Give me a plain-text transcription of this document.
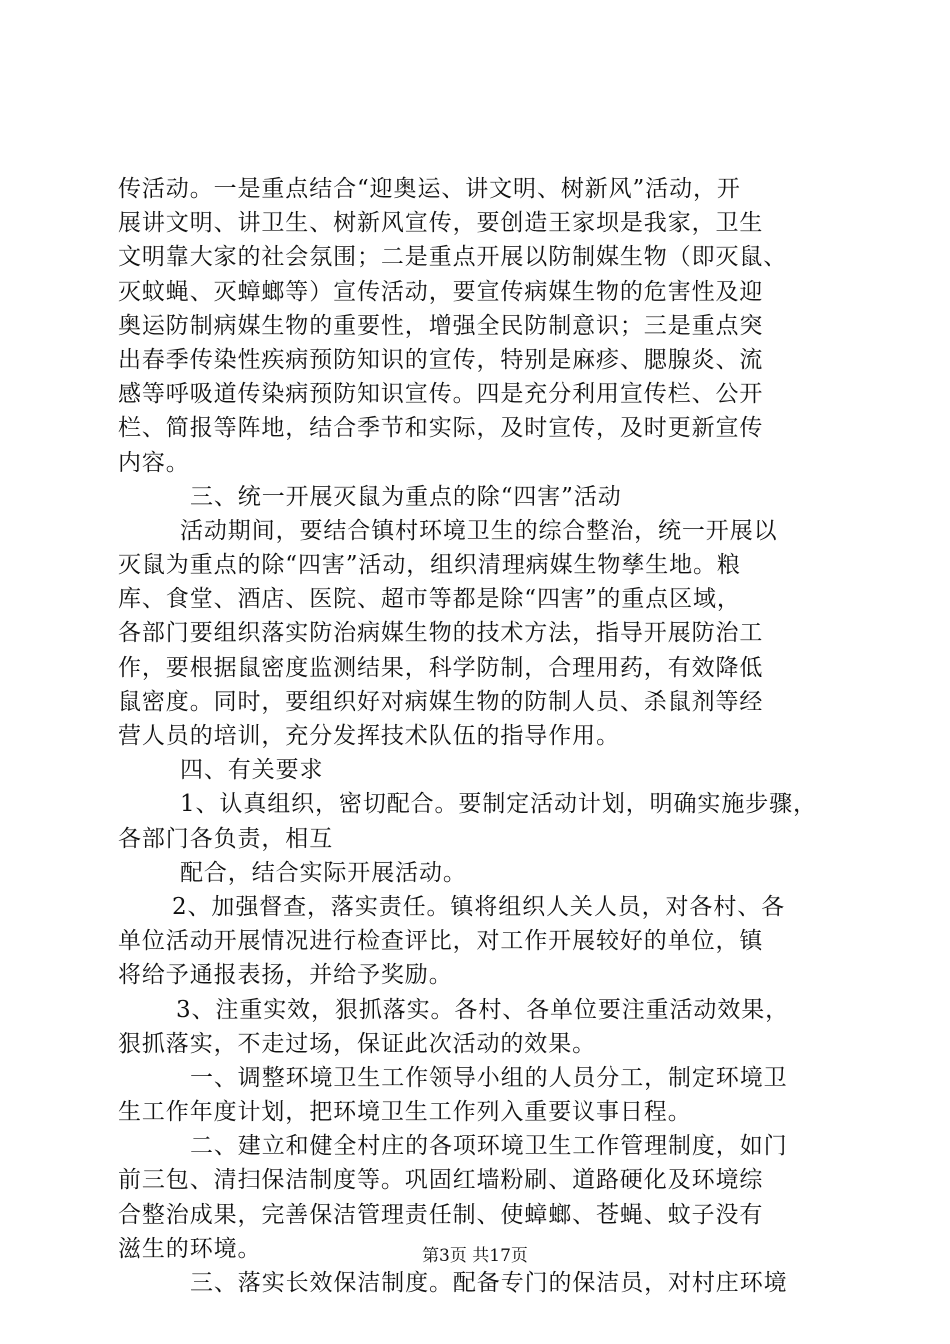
传活动。一是重点结合“迎奥运、讲文明、树新风”活动，开
展讲文明、讲卫生、树新风宣传，要创造王家坝是我家，卫生
文明靠大家的社会氛围；二是重点开展以防制媒生物（即灭鼠、
灭蚊蝇、灭蟑螂等）宣传活动，要宣传病媒生物的危害性及迎
奥运防制病媒生物的重要性，增强全民防制意识；三是重点突
出春季传染性疾病预防知识的宣传，特别是麻疹、腮腺炎、流
感等呼吸道传染病预防知识宣传。四是充分利用宣传栏、公开
栏、简报等阵地，结合季节和实际，及时宣传，及时更新宣传
内容。
三、统一开展灭鼠为重点的除“四害”活动
活动期间，要结合镇村环境卫生的综合整治，统一开展以
灭鼠为重点的除“四害”活动，组织清理病媒生物孳生地。粮
库、食堂、酒店、医院、超市等都是除“四害”的重点区域，
各部门要组织落实防治病媒生物的技术方法，指导开展防治工
作，要根据鼠密度监测结果，科学防制，合理用药，有效降低
鼠密度。同时，要组织好对病媒生物的防制人员、杀鼠剂等经
营人员的培训，充分发挥技术队伍的指导作用。
四、有关要求
1、认真组织，密切配合。要制定活动计划，明确实施步骤，
各部门各负责，相互
配合，结合实际开展活动。
2、加强督查，落实责任。镇将组织人关人员，对各村、各
单位活动开展情况进行检查评比，对工作开展较好的单位，镇
将给予通报表扬，并给予奖励。
3、注重实效，狠抓落实。各村、各单位要注重活动效果，
狠抓落实，不走过场，保证此次活动的效果。
一、调整环境卫生工作领导小组的人员分工，制定环境卫
生工作年度计划，把环境卫生工作列入重要议事日程。
二、建立和健全村庄的各项环境卫生工作管理制度，如门
前三包、清扫保洁制度等。巩固红墙粉刷、道路硬化及环境综
合整治成果，完善保洁管理责任制、使蟑螂、苍蝇、蚊子没有
滋生的环境。
三、落实长效保洁制度。配备专门的保洁员，对村庄环境
第3页 共17页
